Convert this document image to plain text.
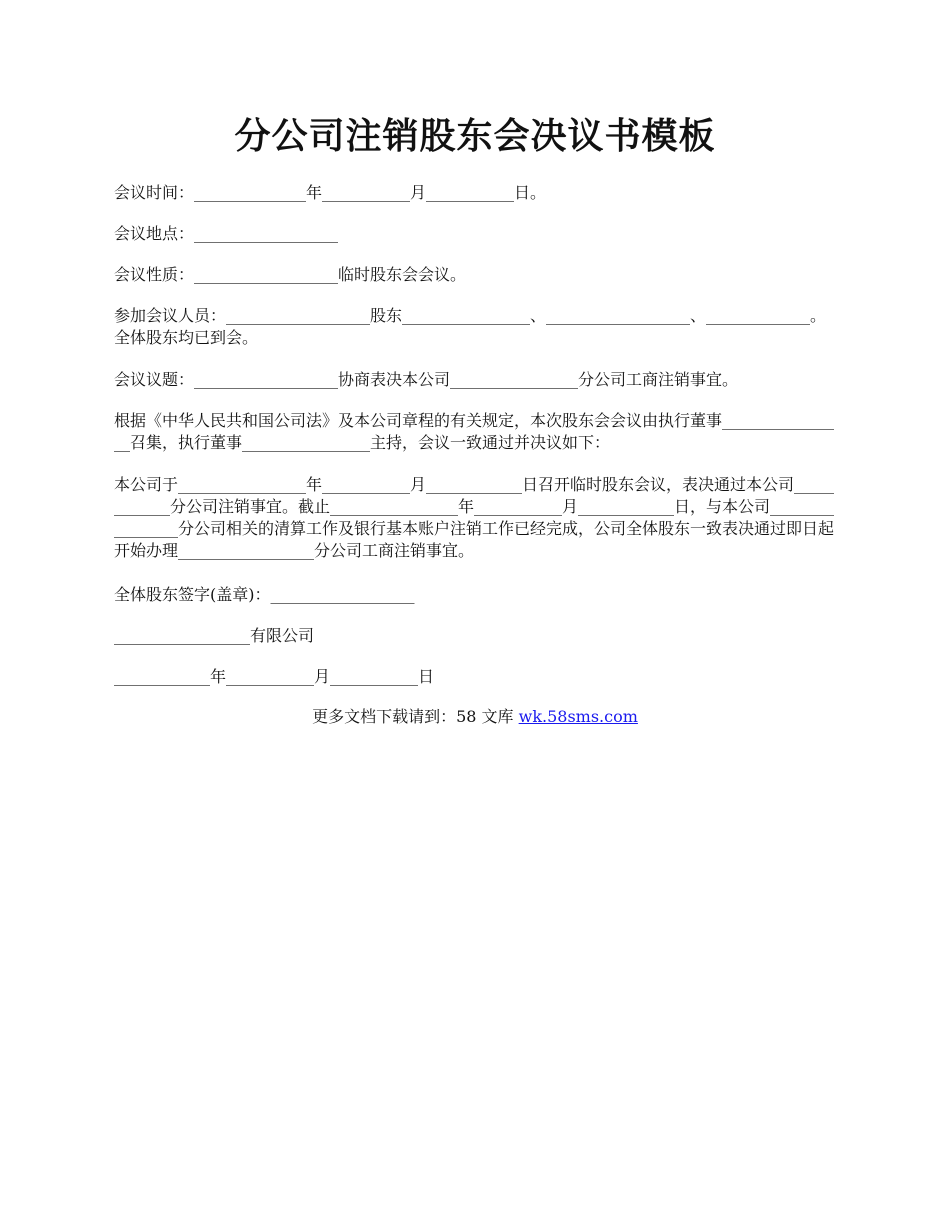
分公司注销股东会决议书模板
会议时间：______________年___________月___________日。
会议地点：__________________
会议性质：__________________临时股东会会议。
参加会议人员：__________________股东________________、__________________、_____________。全体股东均已到会。
会议议题：__________________协商表决本公司________________分公司工商注销事宜。
根据《中华人民共和国公司法》及本公司章程的有关规定，本次股东会会议由执行董事________________召集，执行董事________________主持，会议一致通过并决议如下：
本公司于________________年___________月____________日召开临时股东会议，表决通过本公司____________分公司注销事宜。截止________________年___________月____________日，与本公司________________分公司相关的清算工作及银行基本账户注销工作已经完成，公司全体股东一致表决通过即日起开始办理_________________分公司工商注销事宜。
全体股东签字(盖章)：__________________
_________________有限公司
____________年___________月___________日
更多文档下载请到：58 文库 wk.58sms.com
